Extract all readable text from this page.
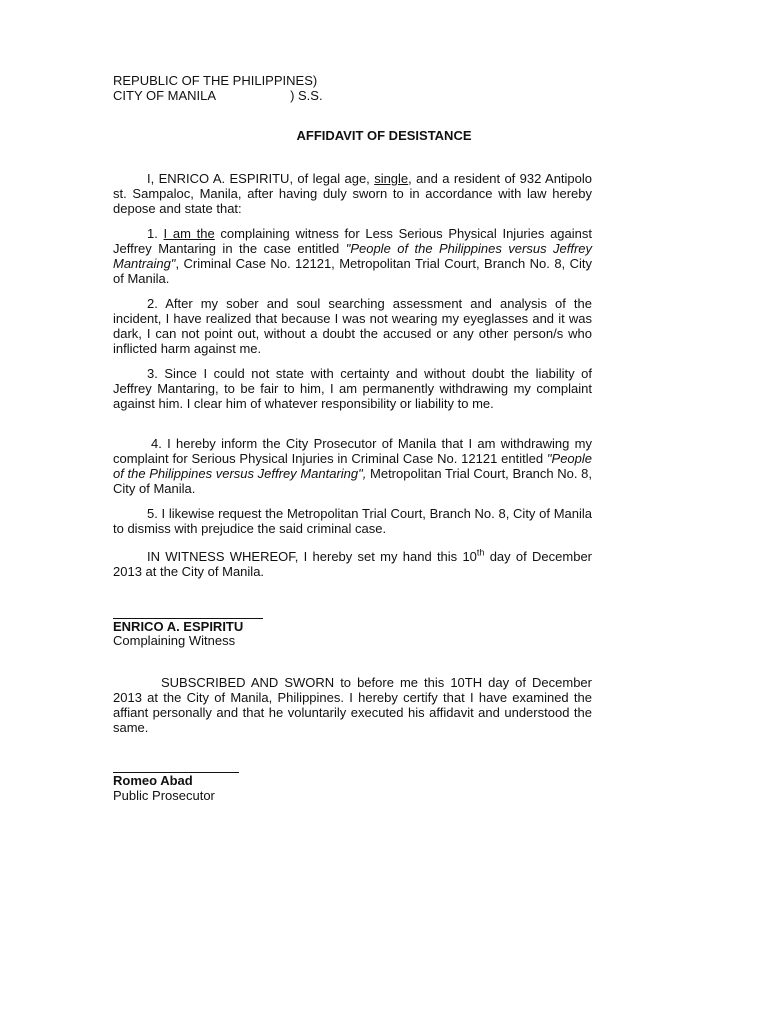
REPUBLIC OF THE PHILIPPINES)
CITY OF MANILA	) S.S.
AFFIDAVIT OF DESISTANCE
I, ENRICO A. ESPIRITU, of legal age, single, and a resident of 932 Antipolo st. Sampaloc, Manila, after having duly sworn to in accordance with law hereby depose and state that:
1. I am the complaining witness for Less Serious Physical Injuries against Jeffrey Mantaring in the case entitled "People of the Philippines versus Jeffrey Mantraing", Criminal Case No. 12121, Metropolitan Trial Court, Branch No. 8, City of Manila.
2. After my sober and soul searching assessment and analysis of the incident, I have realized that because I was not wearing my eyeglasses and it was dark, I can not point out, without a doubt the accused or any other person/s who inflicted harm against me.
3. Since I could not state with certainty and without doubt the liability of Jeffrey Mantaring, to be fair to him, I am permanently withdrawing my complaint against him. I clear him of whatever responsibility or liability to me.
4. I hereby inform the City Prosecutor of Manila that I am withdrawing my complaint for Serious Physical Injuries in Criminal Case No. 12121 entitled "People of the Philippines versus Jeffrey Mantaring", Metropolitan Trial Court, Branch No. 8, City of Manila.
5. I likewise request the Metropolitan Trial Court, Branch No. 8, City of Manila to dismiss with prejudice the said criminal case.
IN WITNESS WHEREOF, I hereby set my hand this 10th day of December 2013 at the City of Manila.
ENRICO A. ESPIRITU
Complaining Witness
SUBSCRIBED AND SWORN to before me this 10TH day of December 2013 at the City of Manila, Philippines. I hereby certify that I have examined the affiant personally and that he voluntarily executed his affidavit and understood the same.
Romeo Abad
Public Prosecutor
